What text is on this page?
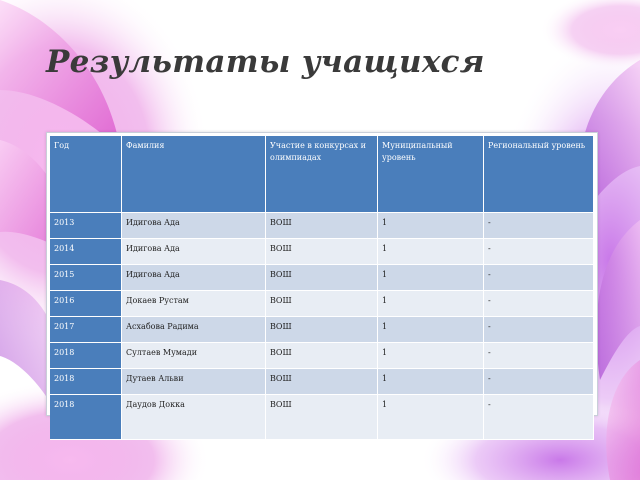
Результаты учащихся
Год	Фамилия	Участие в конкурсах и олимпиадах	Муниципальный уровень	Региональный уровень
2013	Идигова Ада	ВОШ	1	-
2014	Идигова Ада	ВОШ	1	-
2015	Идигова Ада	ВОШ	1	-
2016	Докаев Рустам	ВОШ	1	-
2017	Асхабова Радима	ВОШ	1	-
2018	Султаев Мумади	ВОШ	1	-
2018	Дутаев Альви	ВОШ	1	-
2018	Даудов Докка	ВОШ	1	-
